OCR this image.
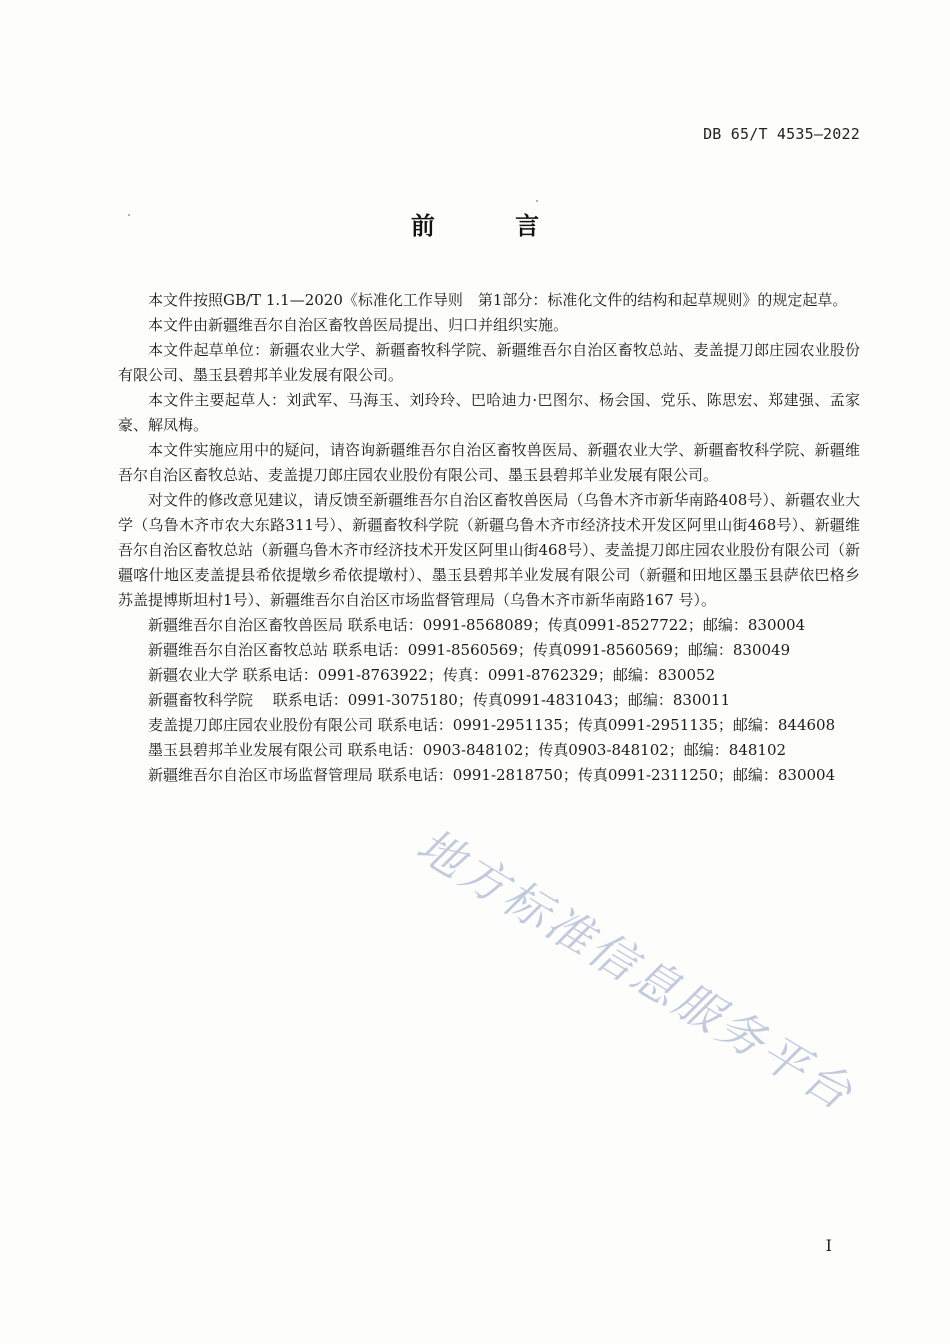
DB 65/T 4535—2022
前 言

本文件按照GB/T 1.1—2020《标准化工作导则　第1部分：标准化文件的结构和起草规则》的规定起草。

本文件由新疆维吾尔自治区畜牧兽医局提出、归口并组织实施。

本文件起草单位：新疆农业大学、新疆畜牧科学院、新疆维吾尔自治区畜牧总站、麦盖提刀郎庄园农业股份有限公司、墨玉县碧邦羊业发展有限公司。

本文件主要起草人：刘武军、马海玉、刘玲玲、巴哈迪力·巴图尔、杨会国、党乐、陈思宏、郑建强、孟家豪、解凤梅。

本文件实施应用中的疑问，请咨询新疆维吾尔自治区畜牧兽医局、新疆农业大学、新疆畜牧科学院、新疆维吾尔自治区畜牧总站、麦盖提刀郎庄园农业股份有限公司、墨玉县碧邦羊业发展有限公司。

对文件的修改意见建议，请反馈至新疆维吾尔自治区畜牧兽医局（乌鲁木齐市新华南路408号）、新疆农业大学（乌鲁木齐市农大东路311号）、新疆畜牧科学院（新疆乌鲁木齐市经济技术开发区阿里山街468号）、新疆维吾尔自治区畜牧总站（新疆乌鲁木齐市经济技术开发区阿里山街468号）、麦盖提刀郎庄园农业股份有限公司（新疆喀什地区麦盖提县希依提墩乡希依提墩村）、墨玉县碧邦羊业发展有限公司（新疆和田地区墨玉县萨依巴格乡苏盖提博斯坦村1号）、新疆维吾尔自治区市场监督管理局（乌鲁木齐市新华南路167 号）。

新疆维吾尔自治区畜牧兽医局 联系电话：0991-8568089；传真0991-8527722；邮编：830004

新疆维吾尔自治区畜牧总站 联系电话：0991-8560569；传真0991-8560569；邮编：830049

新疆农业大学 联系电话：0991-8763922；传真：0991-8762329；邮编：830052

新疆畜牧科学院　 联系电话：0991-3075180；传真0991-4831043；邮编：830011

麦盖提刀郎庄园农业股份有限公司 联系电话：0991-2951135；传真0991-2951135；邮编：844608

墨玉县碧邦羊业发展有限公司 联系电话：0903-848102；传真0903-848102；邮编：848102

新疆维吾尔自治区市场监督管理局 联系电话：0991-2818750；传真0991-2311250；邮编：830004

地方标准信息服务平台
I
